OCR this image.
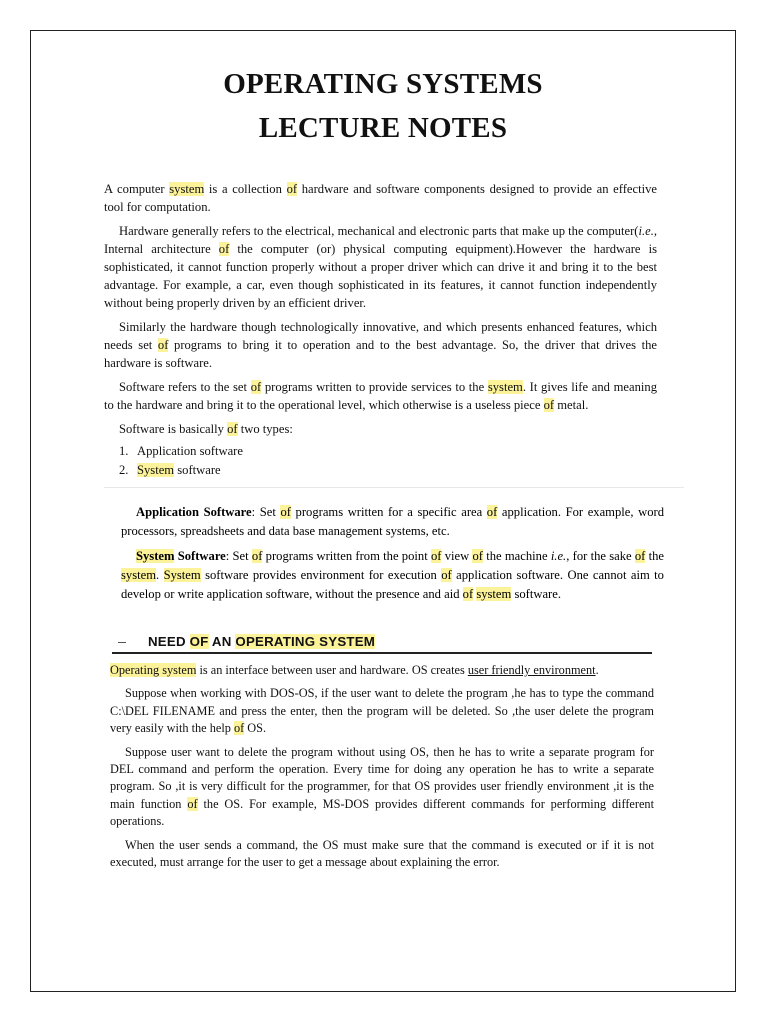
OPERATING SYSTEMS
LECTURE NOTES

A computer system is a collection of hardware and software components designed to provide an effective tool for computation.

Hardware generally refers to the electrical, mechanical and electronic parts that make up the computer(i.e., Internal architecture of the computer (or) physical computing equipment).However the hardware is sophisticated, it cannot function properly without a proper driver which can drive it and bring it to the best advantage. For example, a car, even though sophisticated in its features, it cannot function independently without being properly driven by an efficient driver.

Similarly the hardware though technologically innovative, and which presents enhanced features, which needs set of programs to bring it to operation and to the best advantage. So, the driver that drives the hardware is software.

Software refers to the set of programs written to provide services to the system. It gives life and meaning to the hardware and bring it to the operational level, which otherwise is a useless piece of metal.

Software is basically of two types:

1. Application software
2. System software

Application Software: Set of programs written for a specific area of application. For example, word processors, spreadsheets and data base management systems, etc.

System Software: Set of programs written from the point of view of the machine i.e., for the sake of the system. System software provides environment for execution of application software. One cannot aim to develop or write application software, without the presence and aid of system software.

NEED OF AN OPERATING SYSTEM

Operating system is an interface between user and hardware. OS creates user friendly environment.

Suppose when working with DOS-OS, if the user want to delete the program ,he has to type the command C:\DEL FILENAME and press the enter, then the program will be deleted. So ,the user delete the program very easily with the help of OS.

Suppose user want to delete the program without using OS, then he has to write a separate program for DEL command and perform the operation. Every time for doing any operation he has to write a separate program. So ,it is very difficult for the programmer, for that OS provides user friendly environment ,it is the main function of the OS. For example, MS-DOS provides different commands for performing different operations.

When the user sends a command, the OS must make sure that the command is executed or if it is not executed, must arrange for the user to get a message about explaining the error.
